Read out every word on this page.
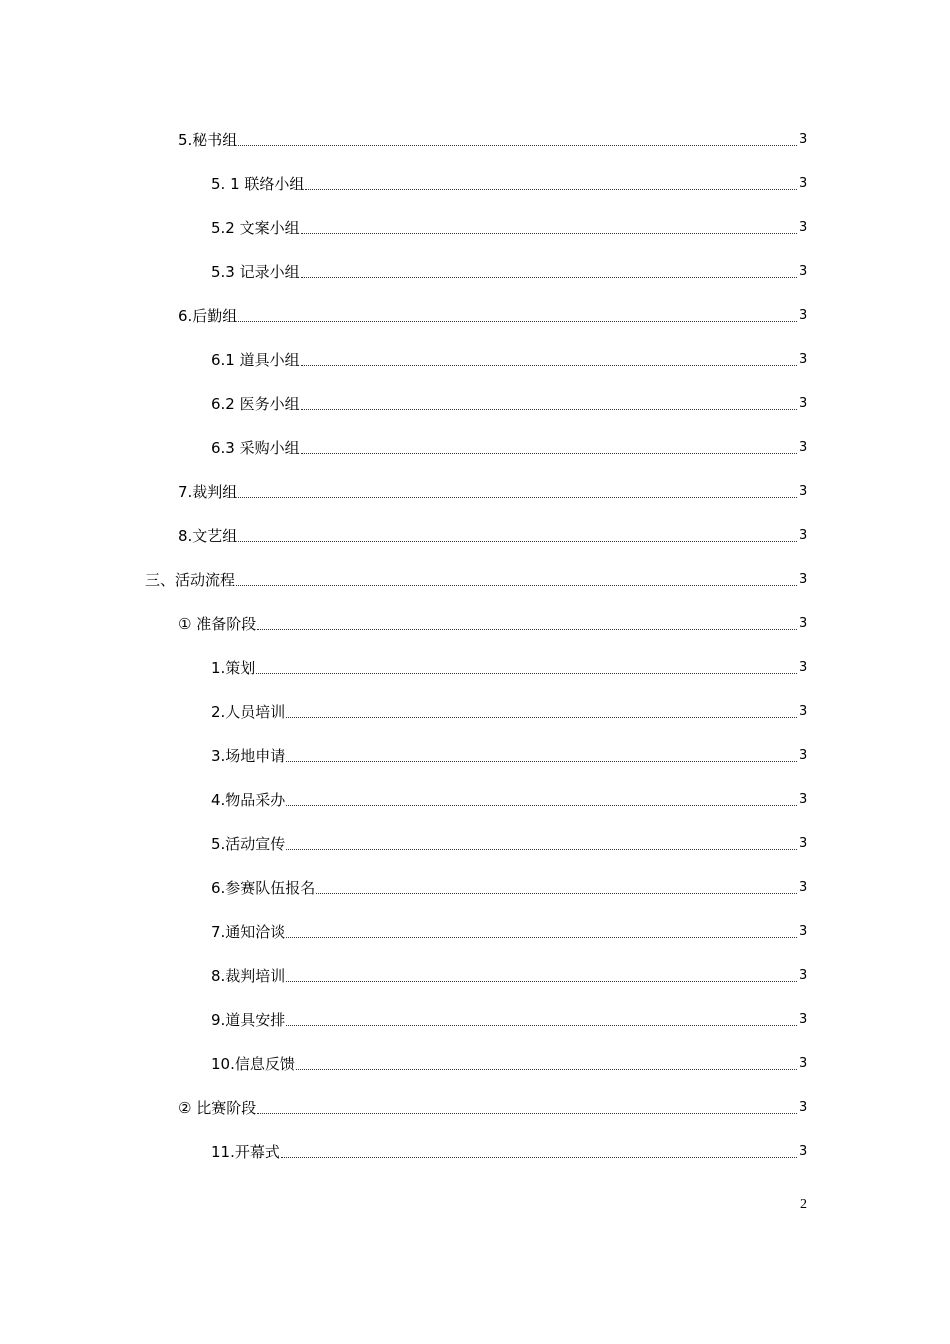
5.秘书组	3
5. 1 联络小组	3
5.2 文案小组	3
5.3 记录小组	3
6.后勤组	3
6.1 道具小组	3
6.2 医务小组	3
6.3 采购小组	3
7.裁判组	3
8.文艺组	3
三、活动流程	3
① 准备阶段	3
1.策划	3
2.人员培训	3
3.场地申请	3
4.物品采办	3
5.活动宣传	3
6.参赛队伍报名	3
7.通知洽谈	3
8.裁判培训	3
9.道具安排	3
10.信息反馈	3
② 比赛阶段	3
11.开幕式	3
2
